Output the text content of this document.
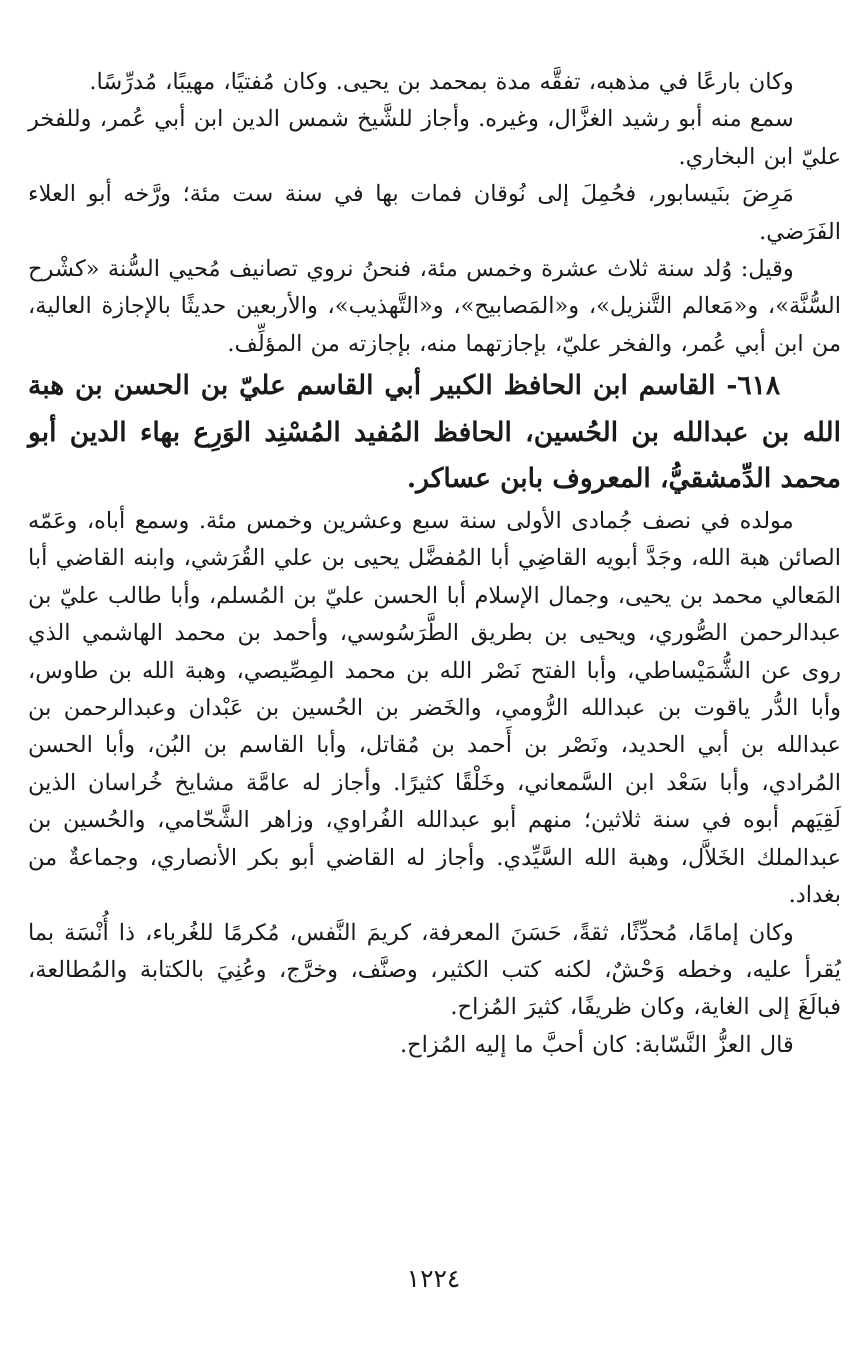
وكان بارعًا في مذهبه، تفقَّه مدة بمحمد بن يحيى. وكان مُفتيًا، مهيبًا، مُدرِّسًا.

سمع منه أبو رشيد الغزَّال، وغيره. وأجاز للشَّيخ شمس الدين ابن أبي عُمر، وللفخر عليّ ابن البخاري.

مَرِضَ بنَيسابور، فحُمِلَ إلى نُوقان فمات بها في سنة ست مئة؛ ورَّخه أبو العلاء الفَرَضي.

وقيل: وُلد سنة ثلاث عشرة وخمس مئة، فنحنُ نروي تصانيف مُحيي السُّنة «كشْرح السُّنَّة»، و«مَعالم التَّنزيل»، و«المَصابيح»، و«التَّهذيب»، والأربعين حديثًا بالإجازة العالية، من ابن أبي عُمر، والفخر عليّ، بإجازتهما منه، بإجازته من المؤلِّف.

٦١٨- القاسم ابن الحافظ الكبير أبي القاسم عليّ بن الحسن بن هبة الله بن عبدالله بن الحُسين، الحافظ المُفيد المُسْنِد الوَرِع بهاء الدين أبو محمد الدِّمشقيُّ، المعروف بابن عساكر.

مولده في نصف جُمادى الأولى سنة سبع وعشرين وخمس مئة. وسمع أباه، وعَمّه الصائن هبة الله، وجَدَّ أبويه القاضِي أبا المُفضَّل يحيى بن علي القُرَشي، وابنه القاضي أبا المَعالي محمد بن يحيى، وجمال الإسلام أبا الحسن عليّ بن المُسلم، وأبا طالب عليّ بن عبدالرحمن الصُّوري، ويحيى بن بطريق الطَّرَسُوسي، وأحمد بن محمد الهاشمي الذي روى عن الشُّمَيْساطي، وأبا الفتح نَصْر الله بن محمد المِصِّيصي، وهبة الله بن طاوس، وأبا الدُّر ياقوت بن عبدالله الرُّومي، والخَضر بن الحُسين بن عَبْدان وعبدالرحمن بن عبدالله بن أبي الحديد، ونَصْر بن أَحمد بن مُقاتل، وأبا القاسم بن البُن، وأبا الحسن المُرادي، وأبا سَعْد ابن السَّمعاني، وخَلْقًا كثيرًا. وأجاز له عامَّة مشايخ خُراسان الذين لَقِيَهم أبوه في سنة ثلاثين؛ منهم أبو عبدالله الفُراوي، وزاهر الشَّحّامي، والحُسين بن عبدالملك الخَلاَّل، وهبة الله السَّيِّدي. وأجاز له القاضي أبو بكر الأنصاري، وجماعةٌ من بغداد.

وكان إمامًا، مُحدِّثًا، ثقةً، حَسَنَ المعرفة، كريمَ النَّفس، مُكرمًا للغُرباء، ذا أُنْسَة بما يُقرأ عليه، وخطه وَحْشٌ، لكنه كتب الكثير، وصنَّف، وخرَّج، وعُنِيَ بالكتابة والمُطالعة، فبالَغَ إلى الغاية، وكان ظريفًا، كثيرَ المُزاح.

قال العزُّ النَّسّابة: كان أحبَّ ما إليه المُزاح.

١٢٢٤
